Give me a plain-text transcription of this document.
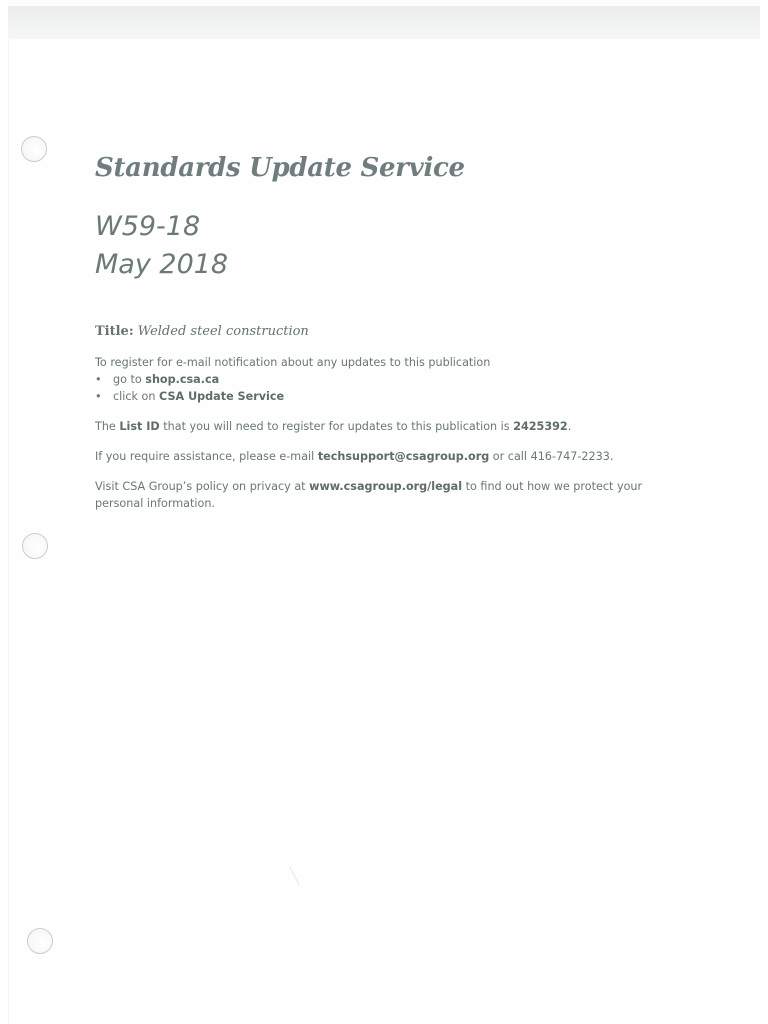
Standards Update Service
W59-18
May 2018
Title: Welded steel construction
To register for e-mail notification about any updates to this publication
• go to shop.csa.ca
• click on CSA Update Service
The List ID that you will need to register for updates to this publication is 2425392.
If you require assistance, please e-mail techsupport@csagroup.org or call 416-747-2233.
Visit CSA Group’s policy on privacy at www.csagroup.org/legal to find out how we protect your personal information.
